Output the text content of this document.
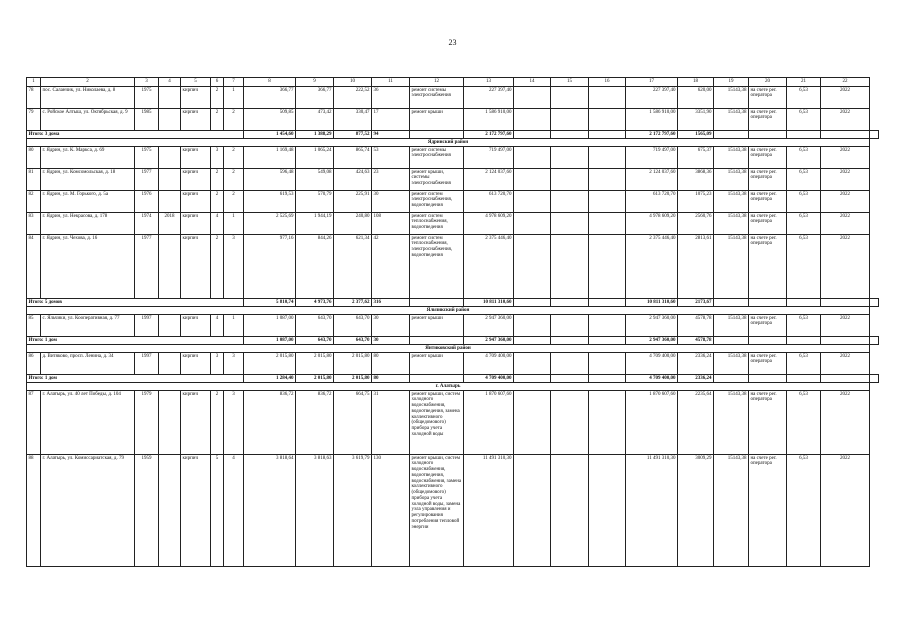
23
1	2	3	4	5	6	7	8	9	10	11	12	13	14	15	16	17	18	19	20	21	22	
78	пос. Саланчик, ул. Николаева, д. 8	1975		кирпич	2	1	366,77	366,77	222,52	36	ремонт системы электроснабжения	227 397,40				227 397,40	620,00	15143,38	на счете рег. оператора	6,53	2022	
79	с. Ройское Алтыш, ул. Октябрьская, д. 9	1985		кирпич	2	2	509,85	473,42	330,47	17	ремонт крыши	1 586 910,00				1 586 910,00	3351,90	15143,38	на счете рег. оператора	6,53	2022	
Итого: 3 дома							1 454,60	1 388,29	877,52	94		2 172 797,60				2 172 797,60	1565,09					
Ядринский район																						
80	г. Ядрин, ул. К. Маркса, д. 69	1975		кирпич	3	2	1 169,48	1 065,24	865,74	53	ремонт системы электроснабжения	719 497,00				719 497,00	675,37	15143,38	на счете рег. оператора	6,53	2022	
81	г. Ядрин, ул. Комсомольская, д. 18	1977		кирпич	2	2	596,48	549,08	424,63	23	ремонт крыши, системы электроснабжения	2 124 037,60				2 124 037,60	3868,36	15143,38	на счете рег. оператора	6,53	2022	
82	г. Ядрин, ул. М. Горького, д. 5а	1976		кирпич	2	2	619,53	570,79	225,91	30	ремонт систем электроснабжения, водоотведения	613 720,70				613 720,70	1075,23	15143,38	на счете рег. оператора	6,53	2022	
83	г. Ядрин, ул. Некрасова, д. 178	1974	2018	кирпич	4	1	2 525,69	1 944,19	240,80	108	ремонт систем теплоснабжения, водоотведения	4 978 609,20				4 978 609,20	2560,76	15143,38	на счете рег. оператора	6,53	2022	
84	г. Ядрин, ул. Чехова, д. 16	1977		кирпич	2	3	977,16	844,26	621,34	42	ремонт систем теплоснабжения, электроснабжения, водоотведения	2 375 446,40				2 375 446,40	2813,61	15143,38	на счете рег. оператора	6,53	2022	
Итого: 5 домов							5 810,74	4 973,76	2 377,62	316		10 811 310,60				10 811 310,60	2173,67					
Яльчикский район																						
85	с. Яльчики, ул. Кооперативная, д. 77	1997		кирпич	4	1	1 087,00	643,70	643,70	30	ремонт крыши	2 947 360,00				2 947 360,00	4578,78	15143,38	на счете рег. оператора	6,53	2022	
Итого: 1 дом							1 087,00	643,70	643,70	30		2 947 360,00				2 947 360,00	4578,78					
Янтиковский район																						
86	д. Витяково, просп. Ленина, д. 34	1997		кирпич	3	3	2 015,80	2 015,80	2 015,80	80	ремонт крыши	4 709 400,00				4 709 400,00	2336,24	15143,38	на счете рег. оператора	6,53	2022	
Итого: 1 дом							1 284,40	2 015,80	2 015,80	80		4 709 400,00				4 709 400,00	2336,24					
г. Алатырь																						
87	г. Алатырь, ул. 40 лет Победы, д. 104	1979		кирпич	2	3	836,72	836,72	664,75	31	ремонт крыши, систем холодного водоснабжения, водоотведения, замена коллективного (общедомового) прибора учета холодной воды	1 870 607,60				1 870 607,60	2235,64	15143,38	на счете рег. оператора	6,53	2022	
88	г. Алатырь, ул. Комиссариатская, д. 79	1959		кирпич	5	4	3 818,64	3 818,63	3 619,79	130	ремонт крыши, систем холодного водоснабжения, водоотведения, водоснабжения, замена коллективного (общедомового) прибора учета холодной воды, замена узла управления и регулирования потребления тепловой энергии	11 491 310,30				11 491 310,30	3009,29	15143,38	на счете рег. оператора	6,53	2022	
